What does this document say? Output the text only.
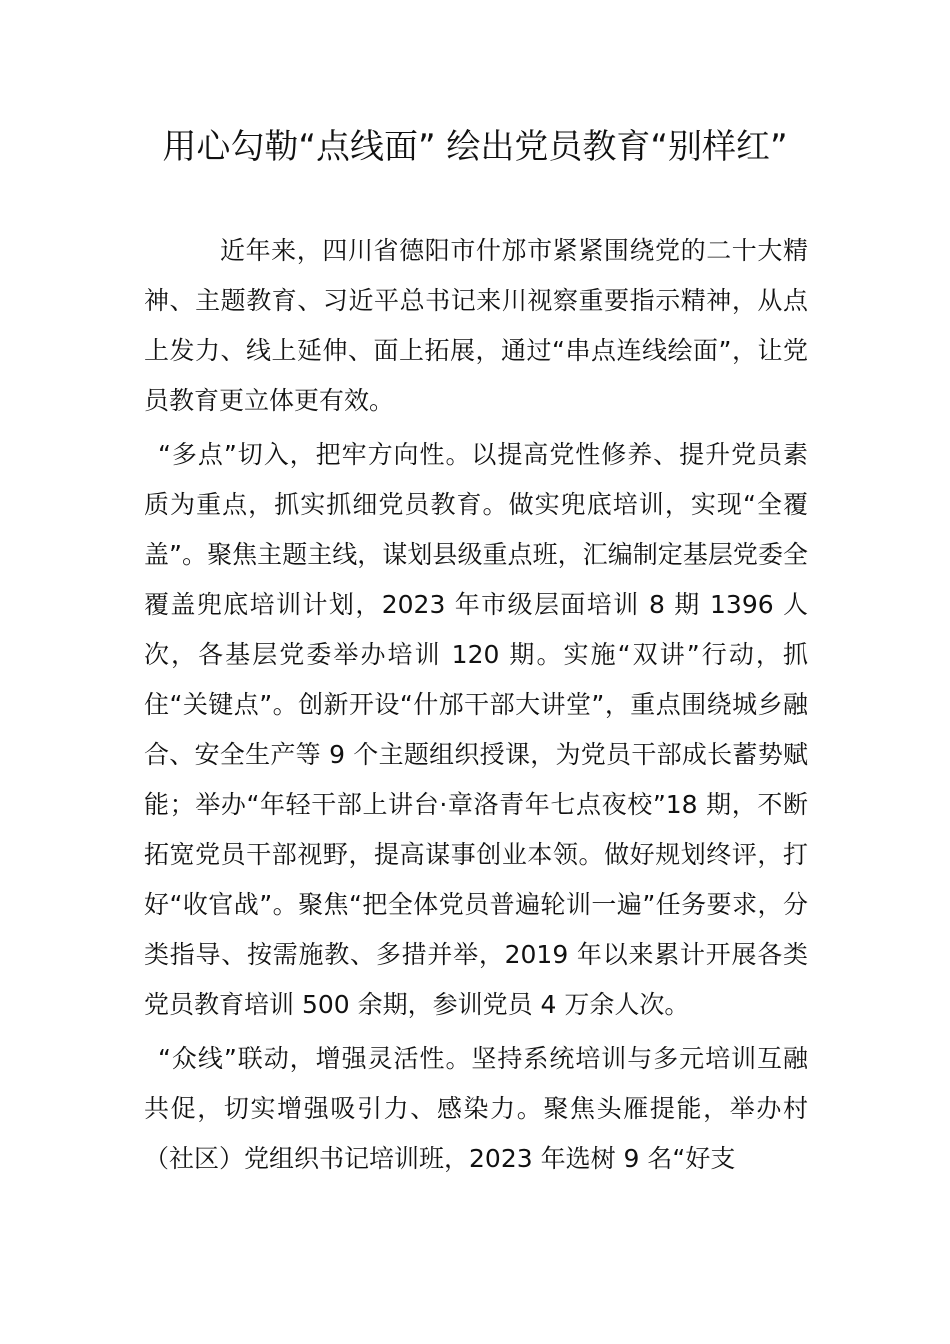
用心勾勒“点线面” 绘出党员教育“别样红”

近年来，四川省德阳市什邡市紧紧围绕党的二十大精神、主题教育、习近平总书记来川视察重要指示精神，从点上发力、线上延伸、面上拓展，通过“串点连线绘面”，让党员教育更立体更有效。

“多点”切入，把牢方向性。以提高党性修养、提升党员素质为重点，抓实抓细党员教育。做实兜底培训，实现“全覆盖”。聚焦主题主线，谋划县级重点班，汇编制定基层党委全覆盖兜底培训计划，2023 年市级层面培训 8 期 1396 人次，各基层党委举办培训 120 期。实施“双讲”行动，抓住“关键点”。创新开设“什邡干部大讲堂”，重点围绕城乡融合、安全生产等 9 个主题组织授课，为党员干部成长蓄势赋能；举办“年轻干部上讲台·章洛青年七点夜校”18 期，不断拓宽党员干部视野，提高谋事创业本领。做好规划终评，打好“收官战”。聚焦“把全体党员普遍轮训一遍”任务要求，分类指导、按需施教、多措并举，2019 年以来累计开展各类党员教育培训 500 余期，参训党员 4 万余人次。

“众线”联动，增强灵活性。坚持系统培训与多元培训互融共促，切实增强吸引力、感染力。聚焦头雁提能，举办村（社区）党组织书记培训班，2023 年选树 9 名“好支
